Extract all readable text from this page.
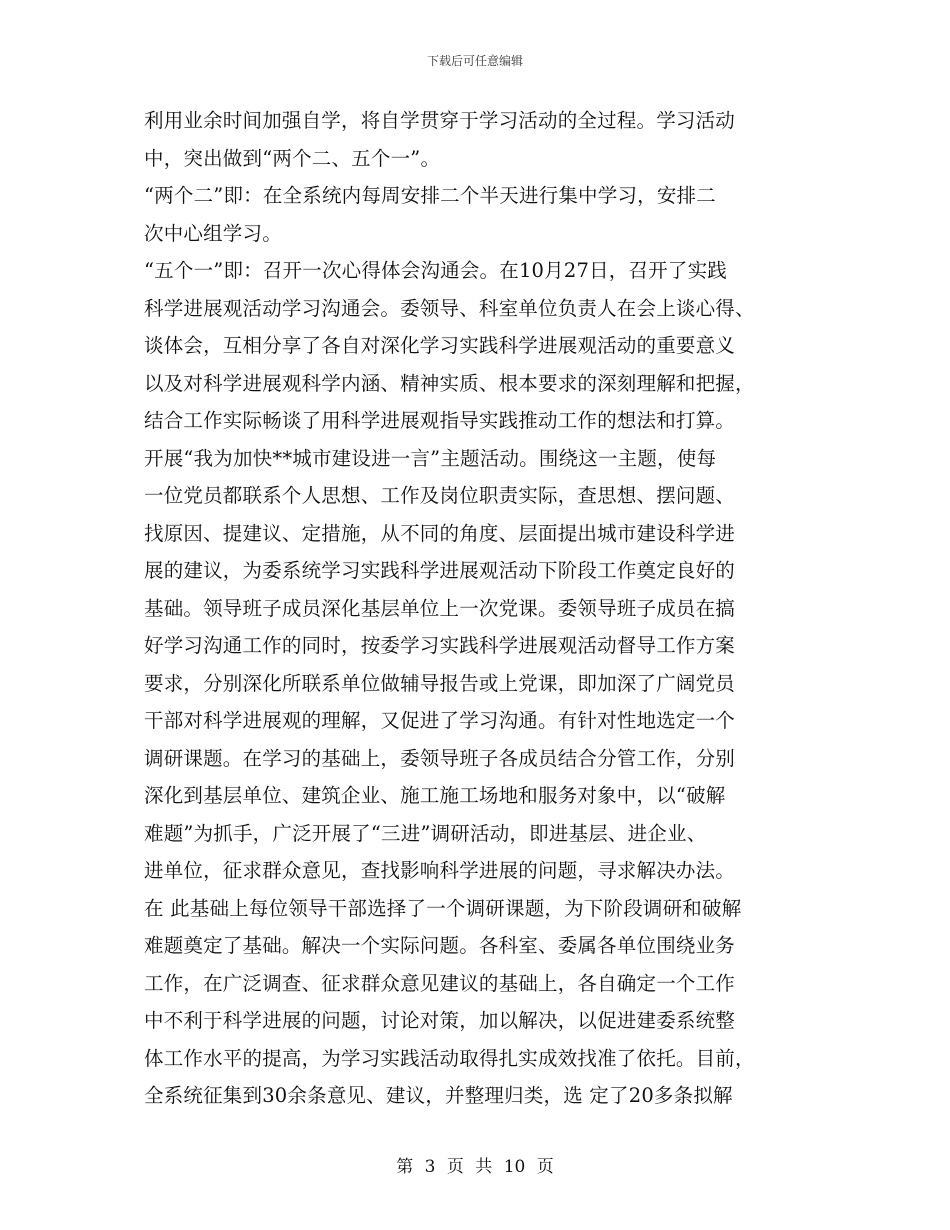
下载后可任意编辑
利用业余时间加强自学，将自学贯穿于学习活动的全过程。学习活动
中，突出做到“两个二、五个一”。
“两个二”即：在全系统内每周安排二个半天进行集中学习，安排二
次中心组学习。
“五个一”即：召开一次心得体会沟通会。在10月27日，召开了实践
科学进展观活动学习沟通会。委领导、科室单位负责人在会上谈心得、
谈体会，互相分享了各自对深化学习实践科学进展观活动的重要意义
以及对科学进展观科学内涵、精神实质、根本要求的深刻理解和把握，
结合工作实际畅谈了用科学进展观指导实践推动工作的想法和打算。
开展“我为加快**城市建设进一言”主题活动。围绕这一主题，使每
一位党员都联系个人思想、工作及岗位职责实际，查思想、摆问题、
找原因、提建议、定措施，从不同的角度、层面提出城市建设科学进
展的建议，为委系统学习实践科学进展观活动下阶段工作奠定良好的
基础。领导班子成员深化基层单位上一次党课。委领导班子成员在搞
好学习沟通工作的同时，按委学习实践科学进展观活动督导工作方案
要求，分别深化所联系单位做辅导报告或上党课，即加深了广阔党员
干部对科学进展观的理解，又促进了学习沟通。有针对性地选定一个
调研课题。在学习的基础上，委领导班子各成员结合分管工作，分别
深化到基层单位、建筑企业、施工施工场地和服务对象中，以“破解
难题”为抓手，广泛开展了“三进”调研活动，即进基层、进企业、
进单位，征求群众意见，查找影响科学进展的问题，寻求解决办法。
在 此基础上每位领导干部选择了一个调研课题，为下阶段调研和破解
难题奠定了基础。解决一个实际问题。各科室、委属各单位围绕业务
工作，在广泛调查、征求群众意见建议的基础上，各自确定一个工作
中不利于科学进展的问题，讨论对策，加以解决，以促进建委系统整
体工作水平的提高，为学习实践活动取得扎实成效找准了依托。目前，
全系统征集到30余条意见、建议，并整理归类，选 定了20多条拟解
第 3 页 共 10 页
